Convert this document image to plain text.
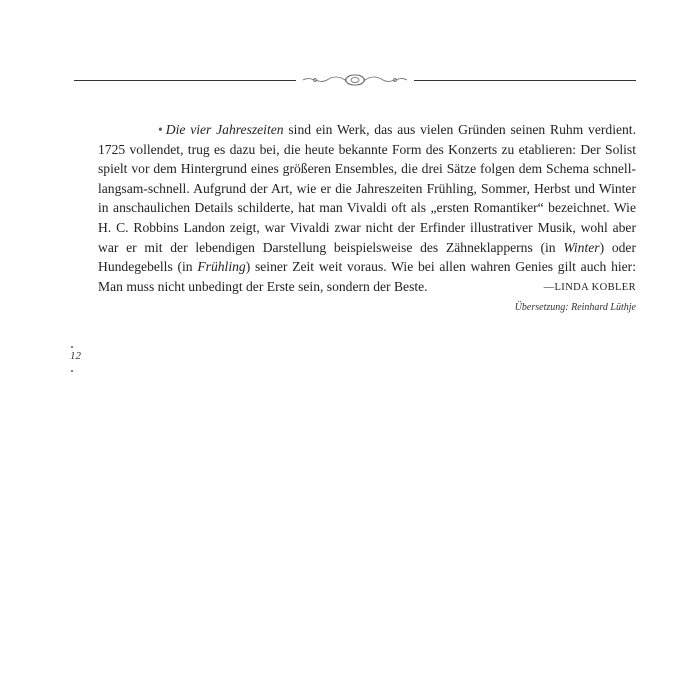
• Die vier Jahreszeiten sind ein Werk, das aus vielen Gründen seinen Ruhm verdient. 1725 vollendet, trug es dazu bei, die heute bekannte Form des Konzerts zu etablieren: Der Solist spielt vor dem Hintergrund eines größeren Ensembles, die drei Sätze folgen dem Schema schnell-langsam-schnell. Aufgrund der Art, wie er die Jahreszeiten Frühling, Sommer, Herbst und Winter in anschaulichen Details schilderte, hat man Vivaldi oft als „ersten Romantiker“ bezeichnet. Wie H. C. Robbins Landon zeigt, war Vivaldi zwar nicht der Erfinder illustrativer Musik, wohl aber war er mit der lebendigen Darstellung beispielsweise des Zähneklapperns (in Winter) oder Hundegebells (in Frühling) seiner Zeit weit voraus. Wie bei allen wahren Genies gilt auch hier: Man muss nicht unbedingt der Erste sein, sondern der Beste.	—LINDA KOBLER
Übersetzung: Reinhard Lüthje
12
